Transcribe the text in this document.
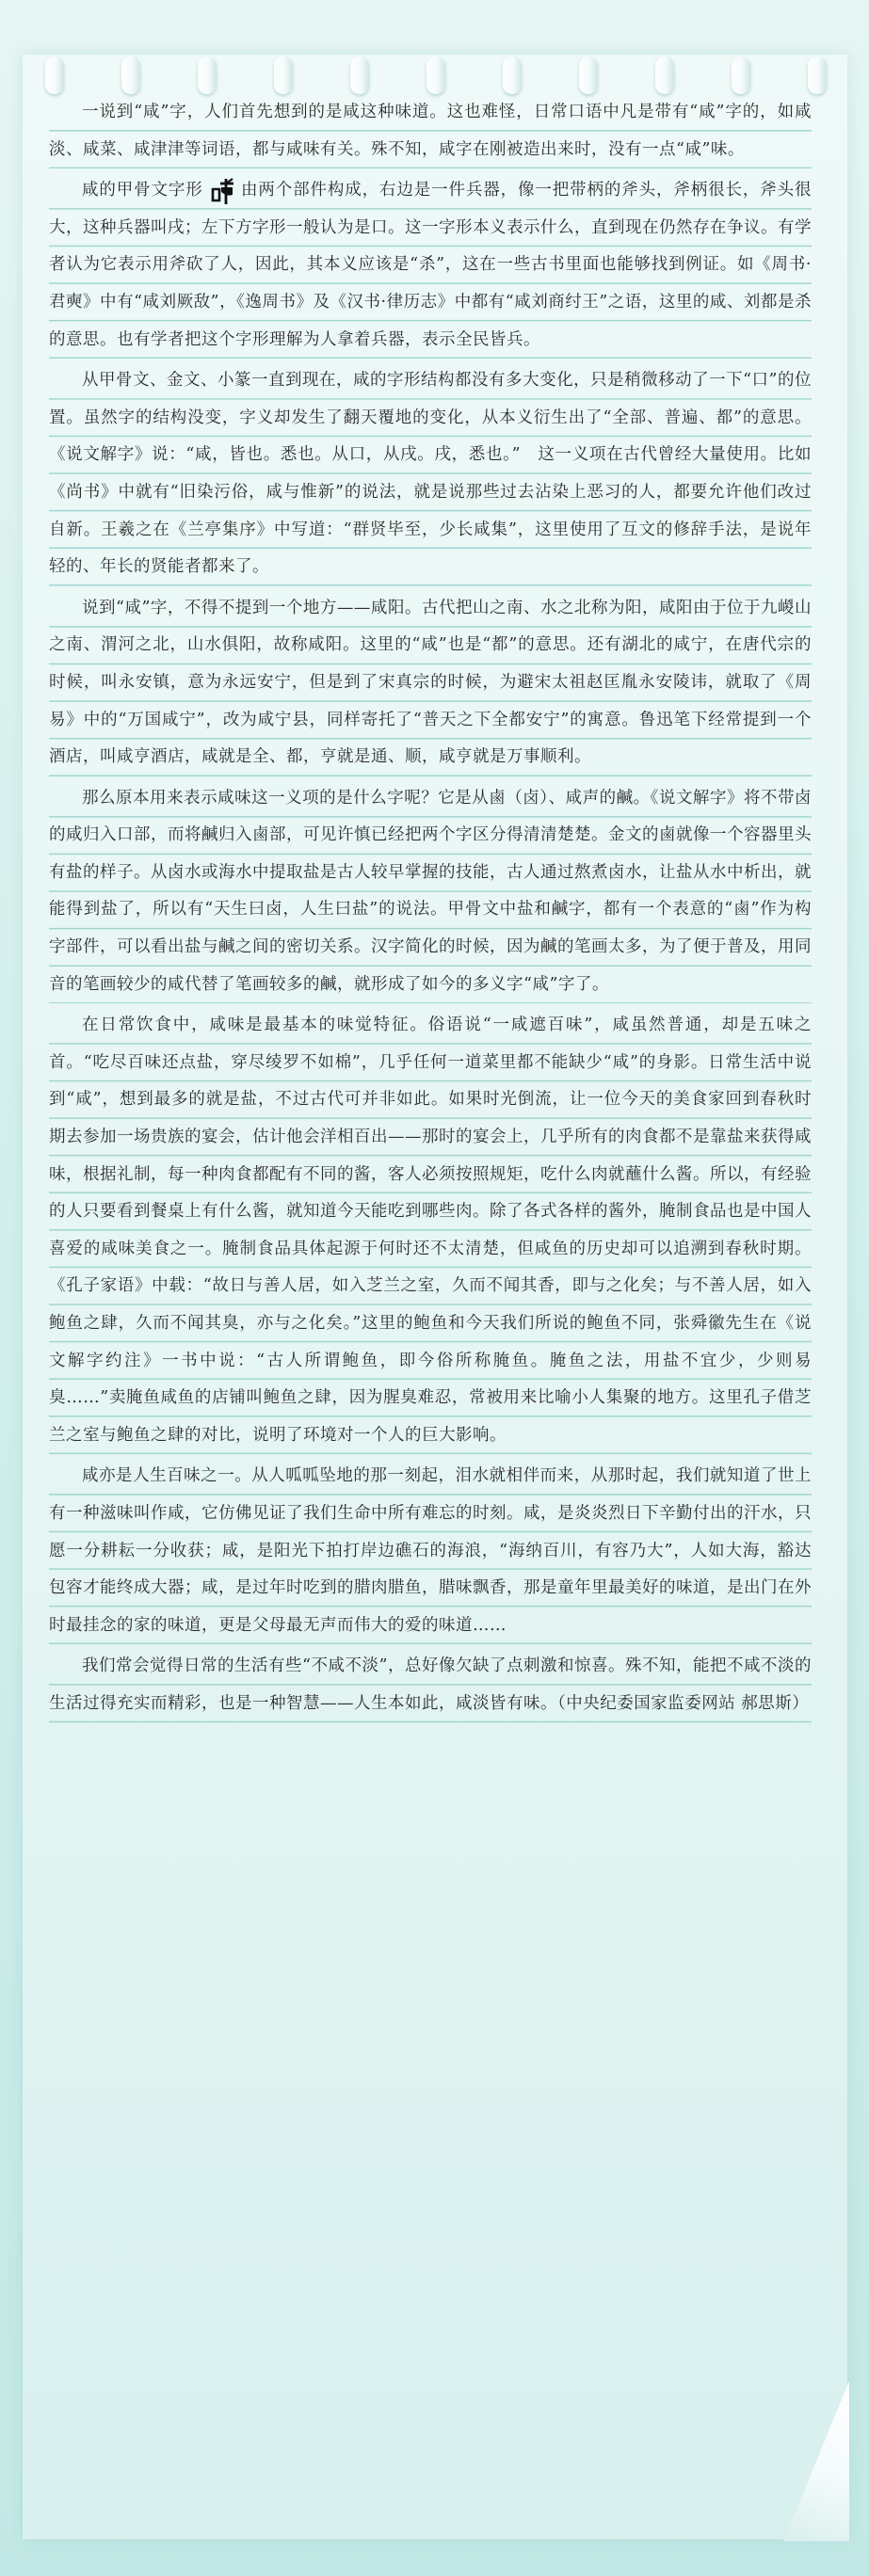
一说到“咸”字，人们首先想到的是咸这种味道。这也难怪，日常口语中凡是带有“咸”字的，如咸淡、咸菜、咸津津等词语，都与咸味有关。殊不知，咸字在刚被造出来时，没有一点“咸”味。

咸的甲骨文字形 由两个部件构成，右边是一件兵器，像一把带柄的斧头，斧柄很长，斧头很大，这种兵器叫戌；左下方字形一般认为是口。这一字形本义表示什么，直到现在仍然存在争议。有学者认为它表示用斧砍了人，因此，其本义应该是“杀”，这在一些古书里面也能够找到例证。如《周书·君奭》中有“咸刘厥敌”，《逸周书》及《汉书·律历志》中都有“咸刘商纣王”之语，这里的咸、刘都是杀的意思。也有学者把这个字形理解为人拿着兵器，表示全民皆兵。

从甲骨文、金文、小篆一直到现在，咸的字形结构都没有多大变化，只是稍微移动了一下“口”的位置。虽然字的结构没变，字义却发生了翻天覆地的变化，从本义衍生出了“全部、普遍、都”的意思。《说文解字》说：“咸，皆也。悉也。从口，从戌。戌，悉也。”　这一义项在古代曾经大量使用。比如《尚书》中就有“旧染污俗，咸与惟新”的说法，就是说那些过去沾染上恶习的人，都要允许他们改过自新。王羲之在《兰亭集序》中写道：“群贤毕至，少长咸集”，这里使用了互文的修辞手法，是说年轻的、年长的贤能者都来了。

说到“咸”字，不得不提到一个地方——咸阳。古代把山之南、水之北称为阳，咸阳由于位于九嵕山之南、渭河之北，山水俱阳，故称咸阳。这里的“咸”也是“都”的意思。还有湖北的咸宁，在唐代宗的时候，叫永安镇，意为永远安宁，但是到了宋真宗的时候，为避宋太祖赵匡胤永安陵讳，就取了《周易》中的“万国咸宁”，改为咸宁县，同样寄托了“普天之下全都安宁”的寓意。鲁迅笔下经常提到一个酒店，叫咸亨酒店，咸就是全、都，亨就是通、顺，咸亨就是万事顺利。

那么原本用来表示咸味这一义项的是什么字呢？它是从鹵（卤）、咸声的鹹。《说文解字》将不带卤的咸归入口部，而将鹹归入鹵部，可见许慎已经把两个字区分得清清楚楚。金文的鹵就像一个容器里头有盐的样子。从卤水或海水中提取盐是古人较早掌握的技能，古人通过熬煮卤水，让盐从水中析出，就能得到盐了，所以有“天生曰卤，人生曰盐”的说法。甲骨文中盐和鹹字，都有一个表意的“鹵”作为构字部件，可以看出盐与鹹之间的密切关系。汉字简化的时候，因为鹹的笔画太多，为了便于普及，用同音的笔画较少的咸代替了笔画较多的鹹，就形成了如今的多义字“咸”字了。

在日常饮食中，咸味是最基本的味觉特征。俗语说“一咸遮百味”，咸虽然普通，却是五味之首。“吃尽百味还点盐，穿尽绫罗不如棉”，几乎任何一道菜里都不能缺少“咸”的身影。日常生活中说到“咸”，想到最多的就是盐，不过古代可并非如此。如果时光倒流，让一位今天的美食家回到春秋时期去参加一场贵族的宴会，估计他会洋相百出——那时的宴会上，几乎所有的肉食都不是靠盐来获得咸味，根据礼制，每一种肉食都配有不同的酱，客人必须按照规矩，吃什么肉就蘸什么酱。所以，有经验的人只要看到餐桌上有什么酱，就知道今天能吃到哪些肉。除了各式各样的酱外，腌制食品也是中国人喜爱的咸味美食之一。腌制食品具体起源于何时还不太清楚，但咸鱼的历史却可以追溯到春秋时期。《孔子家语》中载：“故日与善人居，如入芝兰之室，久而不闻其香，即与之化矣；与不善人居，如入鲍鱼之肆，久而不闻其臭，亦与之化矣。”这里的鲍鱼和今天我们所说的鲍鱼不同，张舜徽先生在《说文解字约注》一书中说：“古人所谓鲍鱼，即今俗所称腌鱼。腌鱼之法，用盐不宜少，少则易臭……”卖腌鱼咸鱼的店铺叫鲍鱼之肆，因为腥臭难忍，常被用来比喻小人集聚的地方。这里孔子借芝兰之室与鲍鱼之肆的对比，说明了环境对一个人的巨大影响。

咸亦是人生百味之一。从人呱呱坠地的那一刻起，泪水就相伴而来，从那时起，我们就知道了世上有一种滋味叫作咸，它仿佛见证了我们生命中所有难忘的时刻。咸，是炎炎烈日下辛勤付出的汗水，只愿一分耕耘一分收获；咸，是阳光下拍打岸边礁石的海浪，“海纳百川，有容乃大”，人如大海，豁达包容才能终成大器；咸，是过年时吃到的腊肉腊鱼，腊味飘香，那是童年里最美好的味道，是出门在外时最挂念的家的味道，更是父母最无声而伟大的爱的味道……

我们常会觉得日常的生活有些“不咸不淡”，总好像欠缺了点刺激和惊喜。殊不知，能把不咸不淡的生活过得充实而精彩，也是一种智慧——人生本如此，咸淡皆有味。（中央纪委国家监委网站 郝思斯）
